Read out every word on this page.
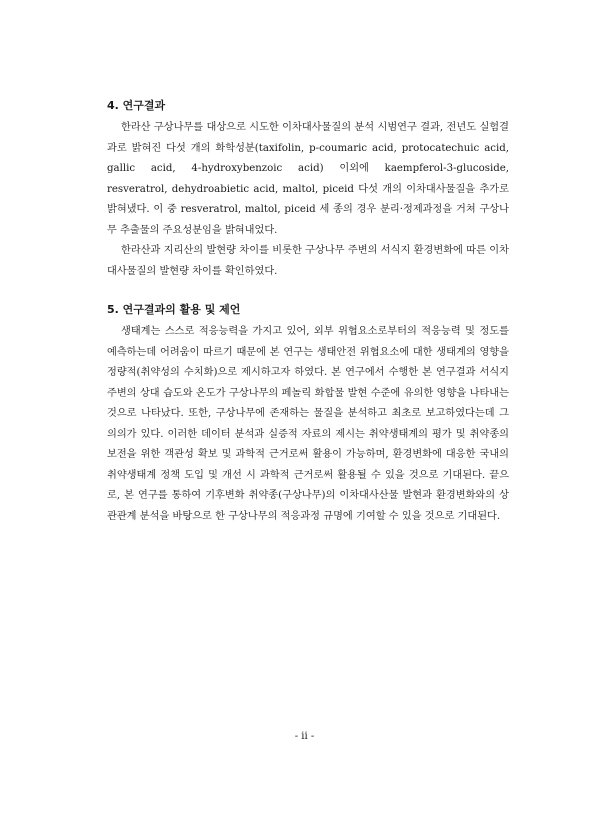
4. 연구결과

한라산 구상나무를 대상으로 시도한 이차대사물질의 분석 시범연구 결과, 전년도 실험결과로 밝혀진 다섯 개의 화학성분(taxifolin, p-coumaric acid, protocatechuic acid, gallic acid, 4-hydroxybenzoic acid) 이외에 kaempferol-3-glucoside, resveratrol, dehydroabietic acid, maltol, piceid 다섯 개의 이차대사물질을 추가로 밝혀냈다. 이 중 resveratrol, maltol, piceid 세 종의 경우 분리·정제과정을 거쳐 구상나무 추출물의 주요성분임을 밝혀내었다.

한라산과 지리산의 발현량 차이를 비롯한 구상나무 주변의 서식지 환경변화에 따른 이차대사물질의 발현량 차이를 확인하였다.

5. 연구결과의 활용 및 제언

생태계는 스스로 적응능력을 가지고 있어, 외부 위협요소로부터의 적응능력 및 정도를 예측하는데 어려움이 따르기 때문에 본 연구는 생태안전 위협요소에 대한 생태계의 영향을 정량적(취약성의 수치화)으로 제시하고자 하였다. 본 연구에서 수행한 본 연구결과 서식지 주변의 상대 습도와 온도가 구상나무의 페놀릭 화합물 발현 수준에 유의한 영향을 나타내는 것으로 나타났다. 또한, 구상나무에 존재하는 물질을 분석하고 최초로 보고하였다는데 그 의의가 있다. 이러한 데이터 분석과 실증적 자료의 제시는 취약생태계의 평가 및 취약종의 보전을 위한 객관성 확보 및 과학적 근거로써 활용이 가능하며, 환경변화에 대응한 국내의 취약생태계 정책 도입 및 개선 시 과학적 근거로써 활용될 수 있을 것으로 기대된다. 끝으로, 본 연구를 통하여 기후변화 취약종(구상나무)의 이차대사산물 발현과 환경변화와의 상관관계 분석을 바탕으로 한 구상나무의 적응과정 규명에 기여할 수 있을 것으로 기대된다.

- ii -
